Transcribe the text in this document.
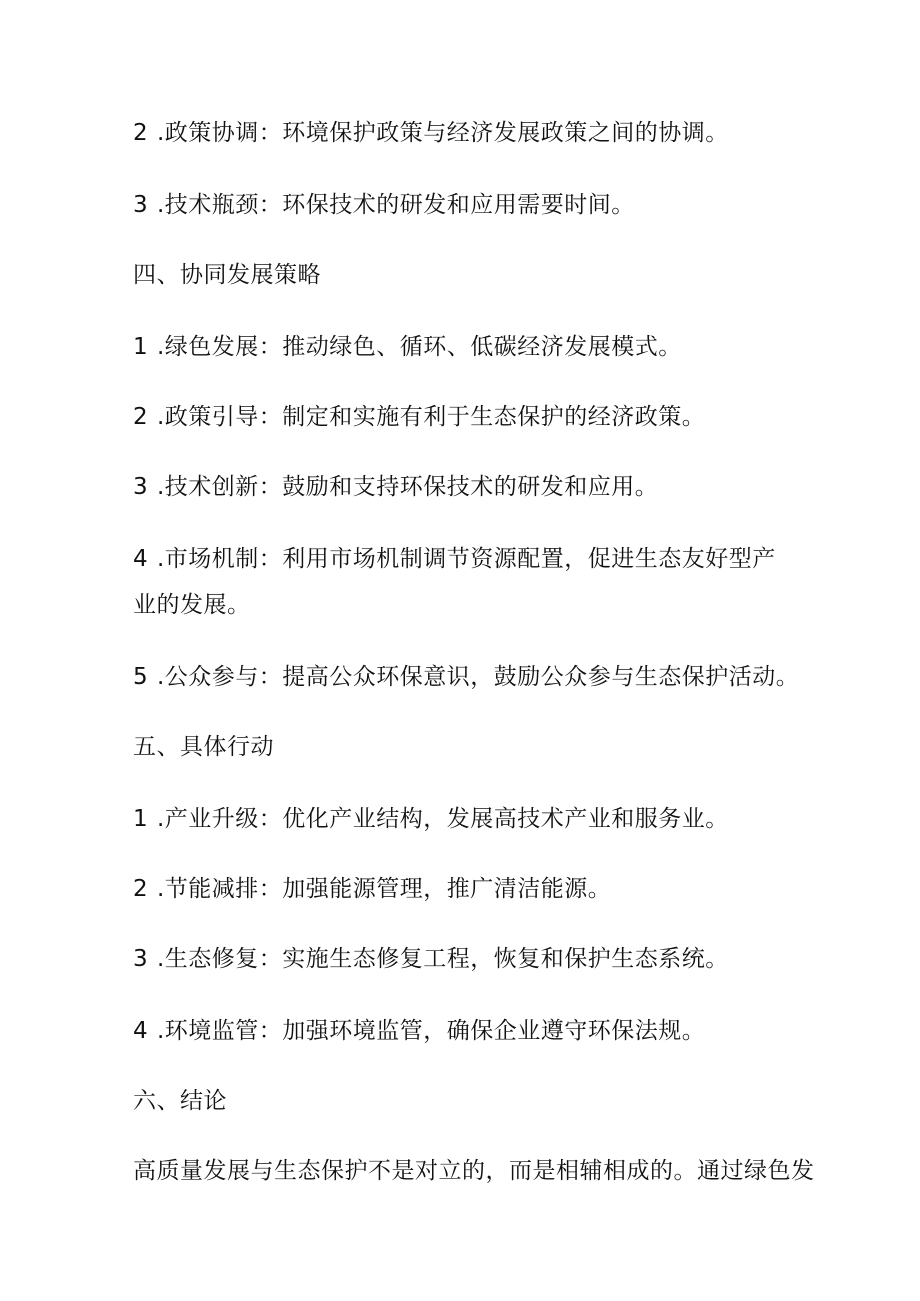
2 .政策协调：环境保护政策与经济发展政策之间的协调。
3 .技术瓶颈：环保技术的研发和应用需要时间。
四、协同发展策略
1 .绿色发展：推动绿色、循环、低碳经济发展模式。
2 .政策引导：制定和实施有利于生态保护的经济政策。
3 .技术创新：鼓励和支持环保技术的研发和应用。
4 .市场机制：利用市场机制调节资源配置，促进生态友好型产
业的发展。
5 .公众参与：提高公众环保意识，鼓励公众参与生态保护活动。
五、具体行动
1 .产业升级：优化产业结构，发展高技术产业和服务业。
2 .节能减排：加强能源管理，推广清洁能源。
3 .生态修复：实施生态修复工程，恢复和保护生态系统。
4 .环境监管：加强环境监管，确保企业遵守环保法规。
六、结论
高质量发展与生态保护不是对立的，而是相辅相成的。通过绿色发
